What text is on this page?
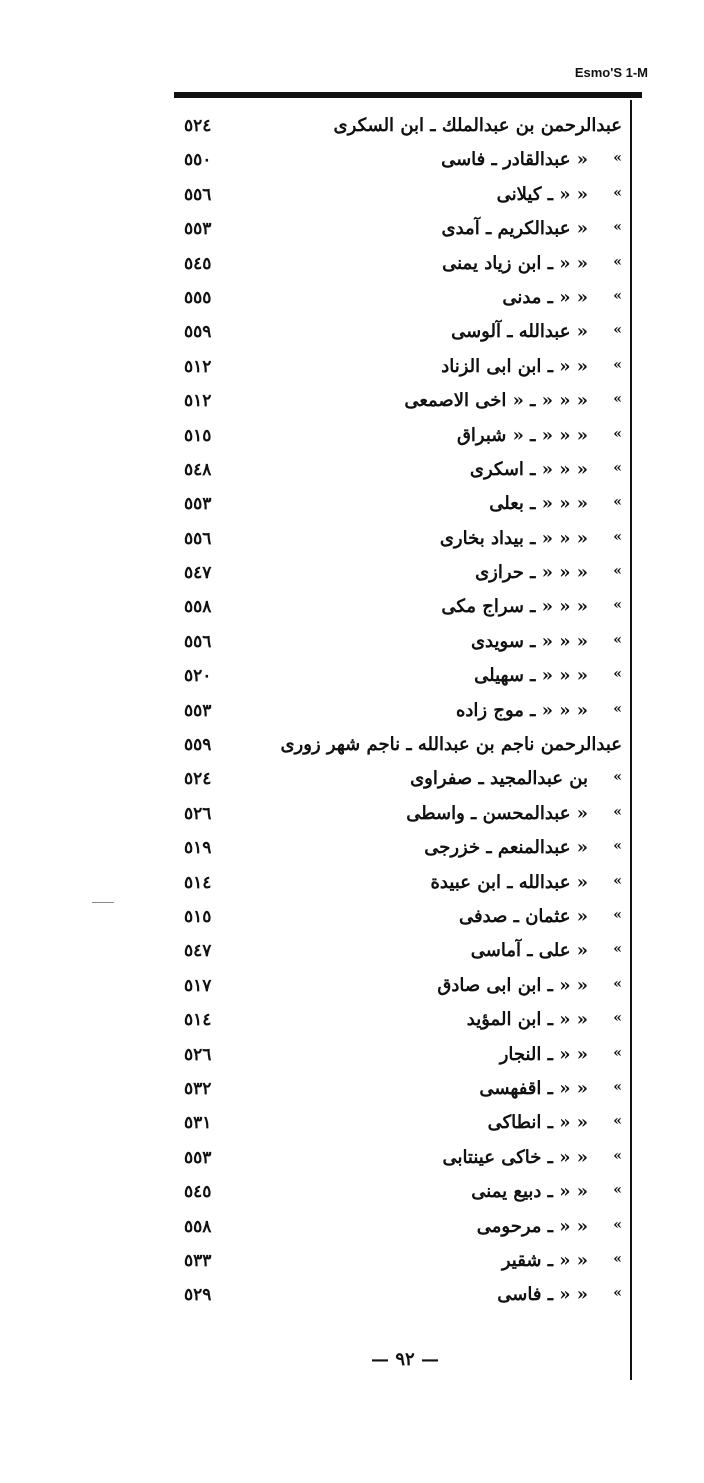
Esmo'S 1-M
٥٢٤	عبدالرحمن بن عبدالملك ـ ابن السكرى
٥٥٠	« عبدالقادر ـ فاسى «
٥٥٦	« « ـ كيلانى «
٥٥٣	« عبدالكريم ـ آمدى «
٥٤٥	« « ـ ابن زياد يمنى «
٥٥٥	« « ـ مدنى «
٥٥٩	« عبدالله ـ آلوسى «
٥١٢	« « ـ ابن ابى الزناد «
٥١٢	« « « ـ « اخى الاصمعى «
٥١٥	« « « ـ « شبراق «
٥٤٨	« « « ـ اسكرى «
٥٥٣	« « « ـ بعلى «
٥٥٦	« « « ـ بيداد بخارى «
٥٤٧	« « « ـ حرازى «
٥٥٨	« « « ـ سراج مكى «
٥٥٦	« « « ـ سويدى «
٥٢٠	« « « ـ سهيلى «
٥٥٣	« « « ـ موج زاده «
٥٥٩	عبدالرحمن ناجم بن عبدالله ـ ناجم شهر زورى
٥٢٤	بن عبدالمجيد ـ صفراوى «
٥٢٦	« عبدالمحسن ـ واسطى «
٥١٩	« عبدالمنعم ـ خزرجى «
٥١٤	« عبدالله ـ ابن عبيدة «
٥١٥	« عثمان ـ صدفى «
٥٤٧	« على ـ آماسى «
٥١٧	« « ـ ابن ابى صادق «
٥١٤	« « ـ ابن المؤيد «
٥٢٦	« « ـ النجار «
٥٣٢	« « ـ اقفهسى «
٥٣١	« « ـ انطاكى «
٥٥٣	« « ـ خاكى عينتابى «
٥٤٥	« « ـ دبيع يمنى «
٥٥٨	« « ـ مرحومى «
٥٣٣	« « ـ شقير «
٥٢٩	« « ـ فاسى «
— ٩٢ —
